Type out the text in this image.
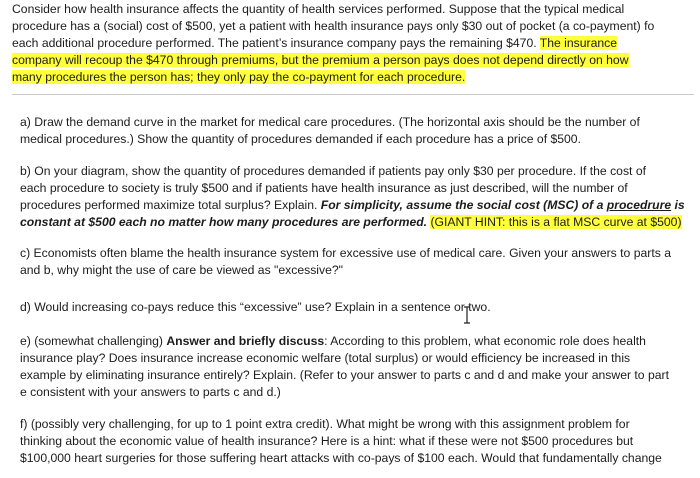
Consider how health insurance affects the quantity of health services performed. Suppose that the typical medical
procedure has a (social) cost of $500, yet a patient with health insurance pays only $30 out of pocket (a co-payment) fo
each additional procedure performed. The patient’s insurance company pays the remaining $470. The insurance
company will recoup the $470 through premiums, but the premium a person pays does not depend directly on how
many procedures the person has; they only pay the co-payment for each procedure.
a) Draw the demand curve in the market for medical care procedures. (The horizontal axis should be the number of
medical procedures.) Show the quantity of procedures demanded if each procedure has a price of $500.
b) On your diagram, show the quantity of procedures demanded if patients pay only $30 per procedure. If the cost of
each procedure to society is truly $500 and if patients have health insurance as just described, will the number of
procedures performed maximize total surplus? Explain. For simplicity, assume the social cost (MSC) of a procedrure is
constant at $500 each no matter how many procedures are performed. (GIANT HINT: this is a flat MSC curve at $500)
c) Economists often blame the health insurance system for excessive use of medical care. Given your answers to parts a
and b, why might the use of care be viewed as "excessive?"
d) Would increasing co-pays reduce this “excessive” use? Explain in a sentence or two.
e) (somewhat challenging) Answer and briefly discuss: According to this problem, what economic role does health
insurance play? Does insurance increase economic welfare (total surplus) or would efficiency be increased in this
example by eliminating insurance entirely? Explain. (Refer to your answer to parts c and d and make your answer to part
e consistent with your answers to parts c and d.)
f) (possibly very challenging, for up to 1 point extra credit). What might be wrong with this assignment problem for
thinking about the economic value of health insurance? Here is a hint: what if these were not $500 procedures but
$100,000 heart surgeries for those suffering heart attacks with co-pays of $100 each. Would that fundamentally change
